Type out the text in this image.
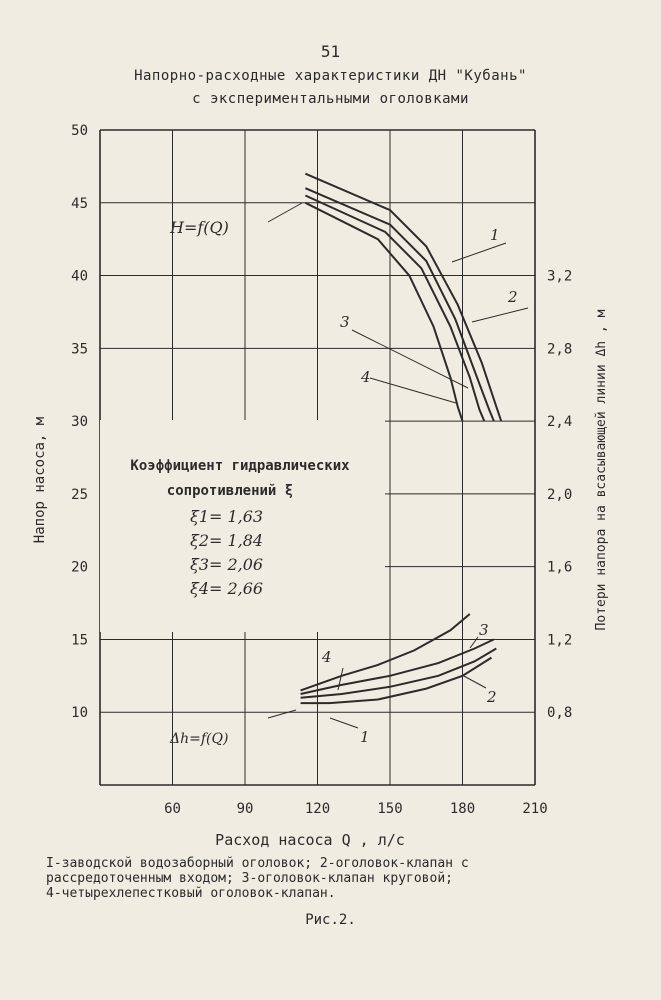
51
Напорно-расходные характеристики ДН "Кубань"
с экспериментальными оголовками
60	90	120	150	180	210
10
15
20
25
30
35
40
45
50
0,8
1,2
1,6
2,0
2,4
2,8
3,2
Расход насоса Q , л/с
Напор насоса, м	Потери напора на всасывающей линии Δh , м
H=f(Q)
Δh=f(Q)
Коэффициент гидравлических
сопротивлений ξ
ξ1= 1,63
ξ2= 1,84
ξ3= 2,06
ξ4= 2,66
1
2
3
4
4
3
2
1
I-заводской водозаборный оголовок; 2-оголовок-клапан с
рассредоточенным входом; 3-оголовок-клапан круговой;
4-четырехлепестковый оголовок-клапан.
Рис.2.
